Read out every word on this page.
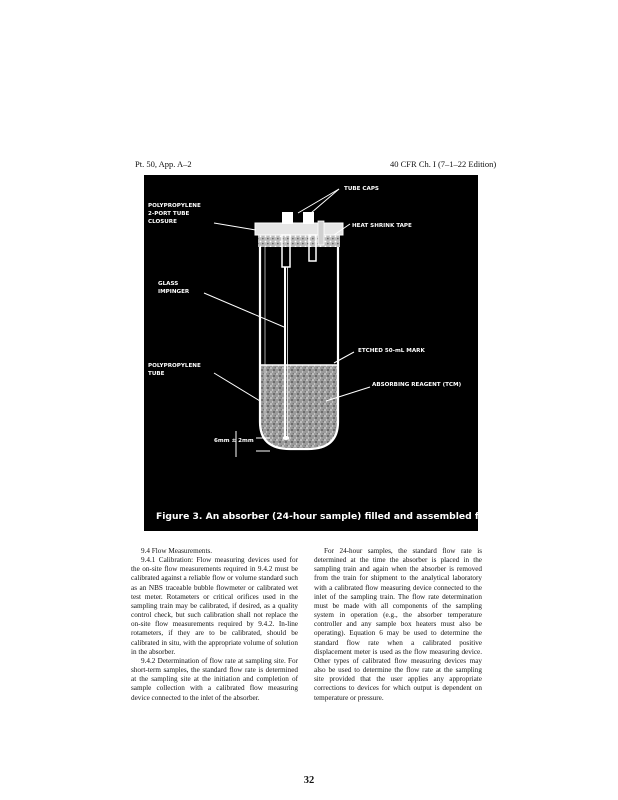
Pt. 50, App. A–2	40 CFR Ch. I (7–1–22 Edition)
TUBE CAPS
POLYPROPYLENE
2-PORT TUBE
CLOSURE
HEAT SHRINK TAPE
GLASS
IMPINGER
ETCHED 50-mL MARK
POLYPROPYLENE
TUBE
ABSORBING REAGENT (TCM)
6mm ± 2mm
Figure 3. An absorber (24-hour sample) filled and assembled for shipment.

9.4 Flow Measurements.

9.4.1 Calibration: Flow measuring devices used for the on-site flow measurements required in 9.4.2 must be calibrated against a reliable flow or volume standard such as an NBS traceable bubble flowmeter or calibrated wet test meter. Rotameters or critical orifices used in the sampling train may be calibrated, if desired, as a quality control check, but such calibration shall not replace the on-site flow measurements required by 9.4.2. In-line rotameters, if they are to be calibrated, should be calibrated in situ, with the appropriate volume of solution in the absorber.

9.4.2 Determination of flow rate at sampling site. For short-term samples, the standard flow rate is determined at the sampling site at the initiation and completion of sample collection with a calibrated flow measuring device connected to the inlet of the absorber.

For 24-hour samples, the standard flow rate is determined at the time the absorber is placed in the sampling train and again when the absorber is removed from the train for shipment to the analytical laboratory with a calibrated flow measuring device connected to the inlet of the sampling train. The flow rate determination must be made with all components of the sampling system in operation (e.g., the absorber temperature controller and any sample box heaters must also be operating). Equation 6 may be used to determine the standard flow rate when a calibrated positive displacement meter is used as the flow measuring device. Other types of calibrated flow measuring devices may also be used to determine the flow rate at the sampling site provided that the user applies any appropriate corrections to devices for which output is dependent on temperature or pressure.

32
